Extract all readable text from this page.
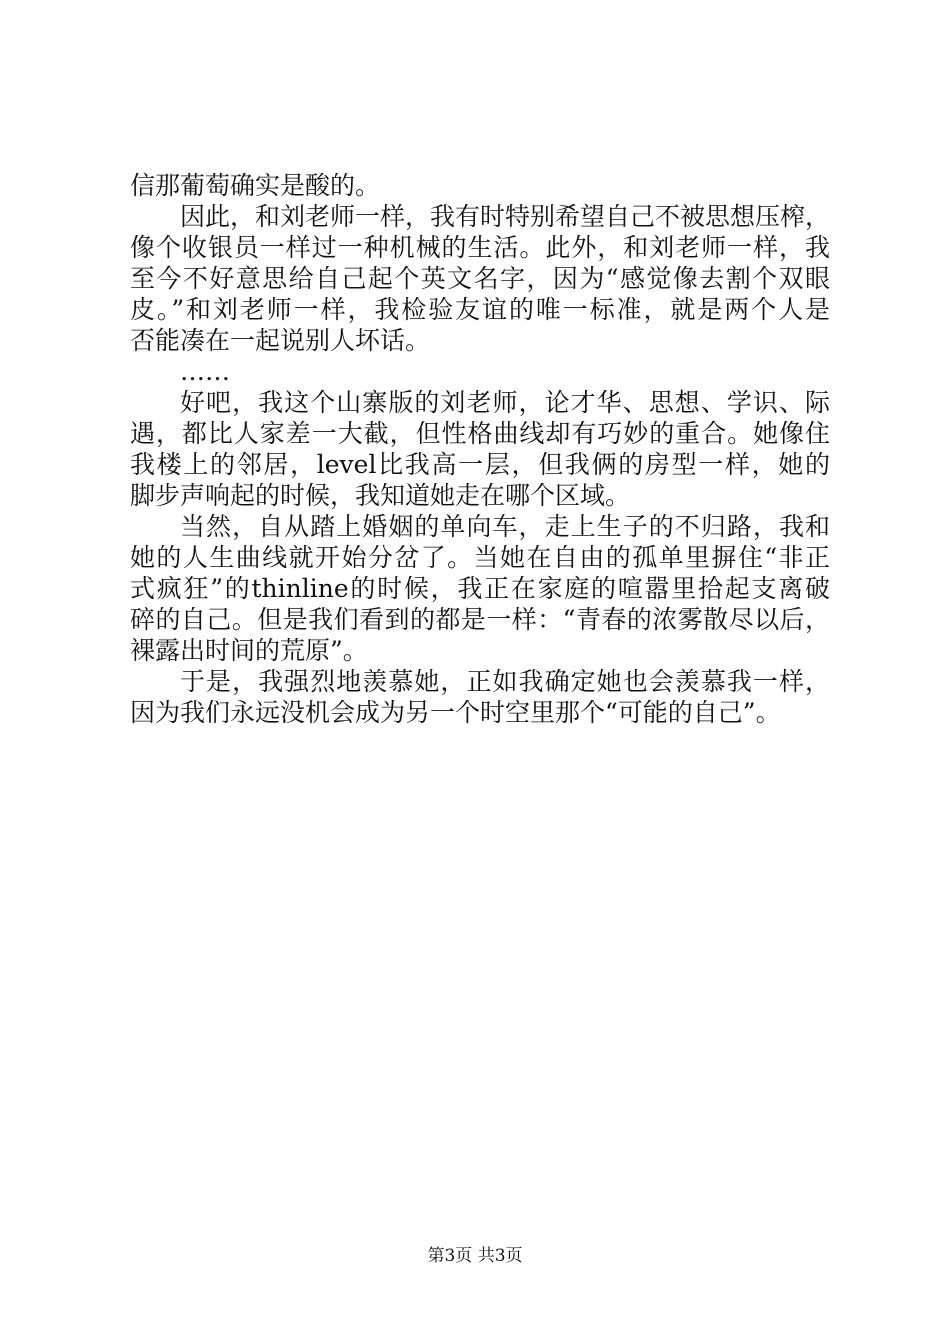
信那葡萄确实是酸的。
因此，和刘老师一样，我有时特别希望自己不被思想压榨，
像个收银员一样过一种机械的生活。此外，和刘老师一样，我
至今不好意思给自己起个英文名字，因为“感觉像去割个双眼
皮。”和刘老师一样，我检验友谊的唯一标准，就是两个人是
否能凑在一起说别人坏话。
……
好吧，我这个山寨版的刘老师，论才华、思想、学识、际
遇，都比人家差一大截，但性格曲线却有巧妙的重合。她像住
我楼上的邻居，level比我高一层，但我俩的房型一样，她的
脚步声响起的时候，我知道她走在哪个区域。
当然，自从踏上婚姻的单向车，走上生子的不归路，我和
她的人生曲线就开始分岔了。当她在自由的孤单里摒住“非正
式疯狂”的thinline的时候，我正在家庭的喧嚣里拾起支离破
碎的自己。但是我们看到的都是一样：“青春的浓雾散尽以后，
裸露出时间的荒原”。
于是，我强烈地羡慕她，正如我确定她也会羡慕我一样，
因为我们永远没机会成为另一个时空里那个“可能的自己”。
第3页 共3页
